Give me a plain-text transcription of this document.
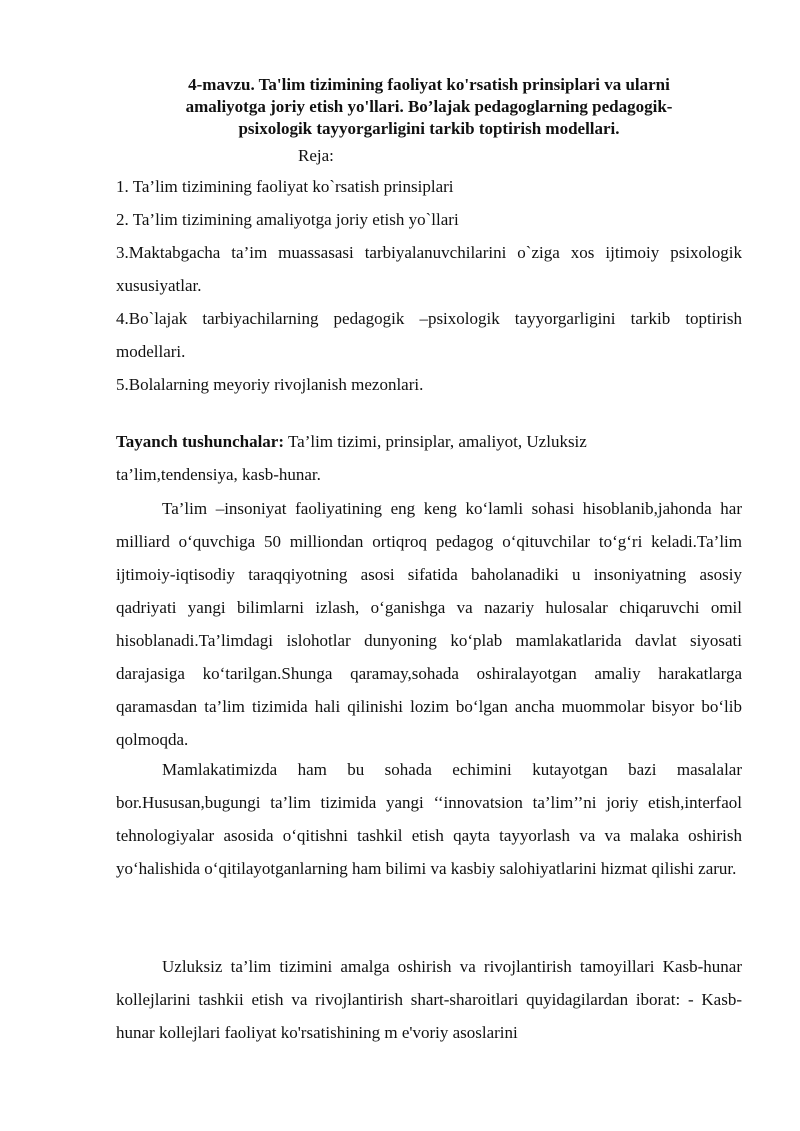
4-mavzu. Ta'lim tizimining faoliyat ko'rsatish prinsiplari va ularni
amaliyotga joriy etish yo'llari. Bo’lajak pedagoglarning pedagogik-
psixologik tayyorgarligini tarkib toptirish modellari.
Reja:
1. Ta’lim tizimining faoliyat ko`rsatish prinsiplari
2. Ta’lim tizimining amaliyotga joriy etish yo`llari
3.Maktabgacha ta’im muassasasi tarbiyalanuvchilarini o`ziga xos ijtimoiy psixologik xususiyatlar.
4.Bo`lajak tarbiyachilarning pedagogik –psixologik tayyorgarligini tarkib toptirish modellari.
5.Bolalarning meyoriy rivojlanish mezonlari.
Tayanch tushunchalar: Ta’lim tizimi, prinsiplar, amaliyot, Uzluksiz
ta’lim,tendensiya, kasb-hunar.

Ta’lim –insoniyat faoliyatining eng keng ko‘lamli sohasi hisoblanib,jahonda har milliard o‘quvchiga 50 milliondan ortiqroq pedagog o‘qituvchilar to‘g‘ri keladi.Ta’lim ijtimoiy-iqtisodiy taraqqiyotning asosi sifatida baholanadiki u insoniyatning asosiy qadriyati yangi bilimlarni izlash, o‘ganishga va nazariy hulosalar chiqaruvchi omil hisoblanadi.Ta’limdagi islohotlar dunyoning ko‘plab mamlakatlarida davlat siyosati darajasiga ko‘tarilgan.Shunga qaramay,sohada oshiralayotgan amaliy harakatlarga qaramasdan ta’lim tizimida hali qilinishi lozim bo‘lgan ancha muommolar bisyor bo‘lib qolmoqda.

Mamlakatimizda ham bu sohada echimini kutayotgan bazi masalalar bor.Hususan,bugungi ta’lim tizimida yangi ‘‘innovatsion ta’lim’’ni joriy etish,interfaol tehnologiyalar asosida o‘qitishni tashkil etish qayta tayyorlash va va malaka oshirish yo‘halishida o‘qitilayotganlarning ham bilimi va kasbiy salohiyatlarini hizmat qilishi zarur.

Uzluksiz ta’lim tizimini amalga oshirish va rivojlantirish tamoyillari Kasb-hunar kollejlarini tashkii etish va rivojlantirish shart-sharoitlari quyidagilardan iborat: - Kasb-hunar kollejlari faoliyat ko'rsatishining m e'voriy asoslarini
